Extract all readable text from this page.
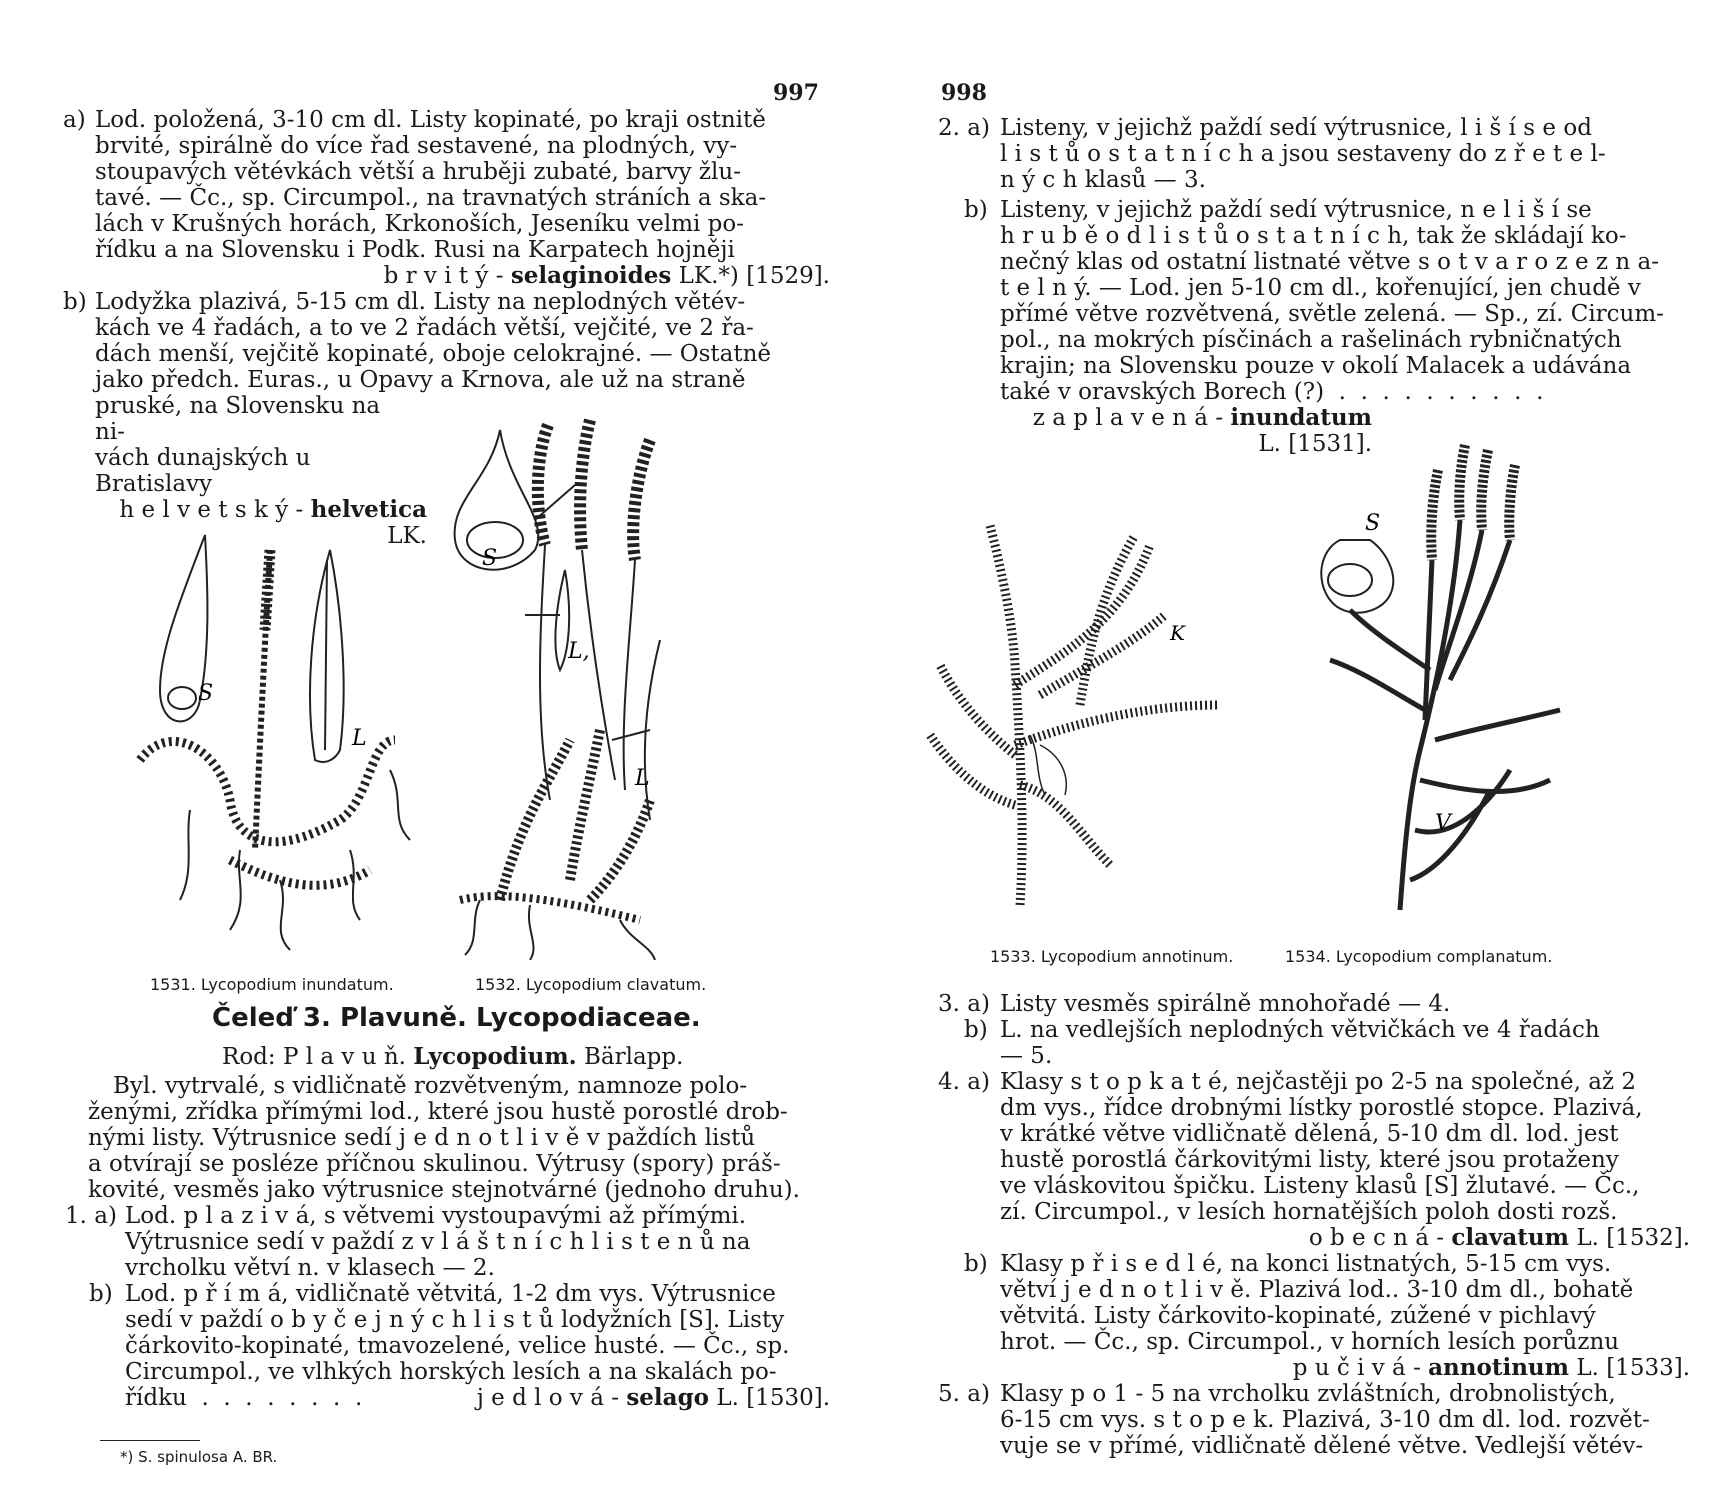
997
a) Lod. položená, 3-10 cm dl. Listy kopinaté, po kraji ostnitě
brvité, spirálně do více řad sestavené, na plodných, vy-
stoupavých větévkách větší a hruběji zubaté, barvy žlu-
tavé. — Čc., sp. Circumpol., na travnatých stráních a ska-
lách v Krušných horách, Krkonoších, Jeseníku velmi po-
řídku a na Slovensku i Podk. Rusi na Karpatech hojněji
b r v i t ý - selaginoides LK.*) [1529].
b) Lodyžka plazivá, 5-15 cm dl. Listy na neplodných větév-
kách ve 4 řadách, a to ve 2 řadách větší, vejčité, ve 2 řa-
dách menší, vejčitě kopinaté, oboje celokrajné. — Ostatně
jako předch. Euras., u Opavy a Krnova, ale už na straně
pruské, na Slovensku na ni-
vách dunajských u Bratislavy
h e l v e t s k ý - helvetica
LK.
S
L
S
L,
L
1531. Lycopodium inundatum.	1532. Lycopodium clavatum.
Čeleď 3. Plavuně. Lycopodiaceae.
Rod: P l a v u ň. Lycopodium. Bärlapp.
Byl. vytrvalé, s vidličnatě rozvětveným, namnoze polo-
ženými, zřídka přímými lod., které jsou hustě porostlé drob-
nými listy. Výtrusnice sedí j e d n o t l i v ě v paždích listů
a otvírají se posléze příčnou skulinou. Výtrusy (spory) práš-
kovité, vesměs jako výtrusnice stejnotvárné (jednoho druhu).
1. a) Lod. p l a z i v á, s větvemi vystoupavými až přímými.
Výtrusnice sedí v paždí z v l á š t n í c h l i s t e n ů na
vrcholku větví n. v klasech — 2.
b) Lod. p ř í m á, vidličnatě větvitá, 1-2 dm vys. Výtrusnice
sedí v paždí o b y č e j n ý c h l i s t ů lodyžních [S]. Listy
čárkovito-kopinaté, tmavozelené, velice husté. — Čc., sp.
Circumpol., ve vlhkých horských lesích a na skalách po-
řídku  .  .  .  .  .  .  .  .	j e d l o v á - selago L. [1530].
*) S. spinulosa A. BR.
998
2. a) Listeny, v jejichž paždí sedí výtrusnice, l i š í s e od
l i s t ů o s t a t n í c h a jsou sestaveny do z ř e t e l-
n ý c h klasů — 3.
b) Listeny, v jejichž paždí sedí výtrusnice, n e l i š í se
h r u b ě o d l i s t ů o s t a t n í c h, tak že skládají ko-
nečný klas od ostatní listnaté větve s o t v a r o z e z n a-
t e l n ý. — Lod. jen 5-10 cm dl., kořenující, jen chudě v
přímé větve rozvětvená, světle zelená. — Sp., zí. Circum-
pol., na mokrých písčinách a rašelinách rybničnatých
krajin; na Slovensku pouze v okolí Malacek a udávána
také v oravských Borech (?)  .  .  .  .  .  .  .  .  .  .
z a p l a v e n á - inundatum
L. [1531].
K
S
V
1533. Lycopodium annotinum.	1534. Lycopodium complanatum.
3. a) Listy vesměs spirálně mnohořadé — 4.
b) L. na vedlejších neplodných větvičkách ve 4 řadách
— 5.
4. a) Klasy s t o p k a t é, nejčastěji po 2-5 na společné, až 2
dm vys., řídce drobnými lístky porostlé stopce. Plazivá,
v krátké větve vidličnatě dělená, 5-10 dm dl. lod. jest
hustě porostlá čárkovitými listy, které jsou protaženy
ve vláskovitou špičku. Listeny klasů [S] žlutavé. — Čc.,
zí. Circumpol., v lesích hornatějších poloh dosti rozš.
o b e c n á - clavatum L. [1532].
b) Klasy p ř i s e d l é, na konci listnatých, 5-15 cm vys.
větví j e d n o t l i v ě. Plazivá lod.. 3-10 dm dl., bohatě
větvitá. Listy čárkovito-kopinaté, zúžené v pichlavý
hrot. — Čc., sp. Circumpol., v horních lesích porůznu
p u č i v á - annotinum L. [1533].
5. a) Klasy p o 1 - 5 na vrcholku zvláštních, drobnolistých,
6-15 cm vys. s t o p e k. Plazivá, 3-10 dm dl. lod. rozvět-
vuje se v přímé, vidličnatě dělené větve. Vedlejší větév-
